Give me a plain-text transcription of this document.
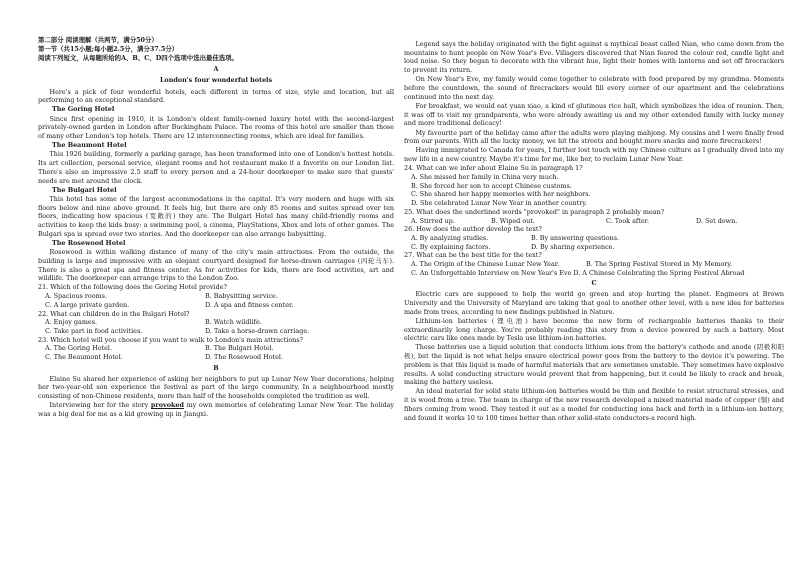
第二部分 阅读理解（共两节，满分50分）

第一节（共15小题;每小题2.5分，满分37.5分）

阅读下列短文，从每题所给的A、B、C、D四个选项中选出最佳选项。

A

London's four wonderful hotels

Here's a pick of four wonderful hotels, each different in terms of size, style and location, but all performing to an exceptional standard.

The Goring Hotel

Since first opening in 1910, it is London's oldest family-owned luxury hotel with the second-largest privately-owned garden in London after Buckingham Palace. The rooms of this hotel are smaller than those of many other London's top hotels. There are 12 interconnecting rooms, which are ideal for families.

The Beaumont Hotel

This 1926 building, formerly a parking garage, has been transformed into one of London's hottest hotels. Its art collection, personal service, elegant rooms and hot restaurant make it a favorite on our London list. There's also an impressive 2.5 staff to every person and a 24-hour doorkeeper to make sure that guests' needs are met around the clock.

The Bulgari Hotel

This hotel has some of the largest accommodations in the capital. It's very modern and huge with six floors below and nine above ground. It feels big, but there are only 85 rooms and suites spread over ten floors, indicating how spacious (宽敞的) they are. The Bulgari Hotel has many child-friendly rooms and activities to keep the kids busy: a swimming pool, a cinema, PlayStations, Xbox and lots of other games. The Bulgari spa is spread over two stories. And the doorkeeper can also arrange babysitting.

The Rosewood Hotel

Rosewood is within walking distance of many of the city's main attractions. From the outside, the building is large and impressive with an elegant courtyard designed for horse-drawn carriages (四轮马车). There is also a great spa and fitness center. As for activities for kids, there are food activities, art and wildlife. The doorkeeper can arrange trips to the London Zoo.

21. Which of the following does the Goring Hotel provide?

A. Spacious rooms.	B. Babysitting service.
C. A large private garden.	D. A spa and fitness center.

22. What can children do in the Bulgari Hotel?

A. Enjoy games.	B. Watch wildlife.
C. Take part in food activities.	D. Take a horse-drawn carriage.

23. Which hotel will you choose if you want to walk to London's main attractions?

A. The Goring Hotel.	B. The Bulgari Hotel.
C. The Beaumont Hotel.	D. The Rosewood Hotel.

B

Elaine Su shared her experience of asking her neighbors to put up Lunar New Year decorations, helping her two-year-old son experience the festival as part of the large community. In a neighbourhood mostly consisting of non-Chinese residents, more than half of the households completed the tradition as well.

Interviewing her for the story provoked my own memories of celebrating Lunar New Year. The holiday was a big deal for me as a kid growing up in Jiangxi.

Legend says the holiday originated with the fight against a mythical beast called Nian, who came down from the mountains to hunt people on New Year's Eve. Villagers discovered that Nian feared the colour red, candle light and loud noise. So they began to decorate with the vibrant hue, light their homes with lanterns and set off firecrackers to prevent its return.

On New Year's Eve, my family would come together to celebrate with food prepared by my grandma. Moments before the countdown, the sound of firecrackers would fill every corner of our apartment and the celebrations continued into the next day.

For breakfast, we would eat yuan xiao, a kind of glutinous rice ball, which symbolizes the idea of reunion. Then, it was off to visit my grandparents, who were already awaiting us and my other extended family with lucky money and more traditional delicacy!

My favourite part of the holiday came after the adults were playing mahjong. My cousins and I were finally freed from our parents. With all the lucky money, we hit the streets and bought more snacks and more firecrackers!

Having immigrated to Canada for years, I further lost touch with my Chinese culture as I gradually dived into my new life in a new country. Maybe it's time for me, like her, to reclaim Lunar New Year.

24. What can we infer about Elaine Su in paragraph 1?

A. She missed her family in China very much.

B. She forced her son to accept Chinese customs.

C. She shared her happy memories with her neighbors.

D. She celebrated Lunar New Year in another country.

25. What does the underlined words "provoked" in paragraph 2 probably mean?

A. Stirred up.	B. Wiped out.	C. Took after.	D. Set down.

26. How does the author develop the text?

A. By analyzing studies.	B. By answering questions.
C. By explaining factors.	D. By sharing experience.

27. What can be the best title for the text?

A. The Origin of the Chinese Lunar New Year.	B. The Spring Festival Stored in My Memory.

C. An Unforgettable Interview on New Year's Eve D. A Chinese Celebrating the Spring Festival Abroad

C

Electric cars are supposed to help the world go green and stop hurting the planet. Engineers at Brown University and the University of Maryland are taking that goal to another other level, with a new idea for batteries made from trees, according to new findings published in Nature.

Lithium-ion batteries (锂电池) have become the new form of rechargeable batteries thanks to their extraordinarily long charge. You're probably reading this story from a device powered by such a battery. Most electric cars like ones made by Tesla use lithium-ion batteries.

These batteries use a liquid solution that conducts lithium ions from the battery's cathode and anode (阴极和阳极), but the liquid is not what helps ensure electrical power goes from the battery to the device it's powering. The problem is that this liquid is made of harmful materials that are sometimes unstable. They sometimes have explosive results. A solid conducting structure would prevent that from happening, but it could be likely to crack and break, making the battery useless.

An ideal material for solid state lithium-ion batteries would be thin and flexible to resist structural stresses, and it is wood from a tree. The team in charge of the new research developed a mixed material made of copper (铜) and fibers coming from wood. They tested it out as a model for conducting ions back and forth in a lithium-ion battery, and found it works 10 to 100 times better than other solid-state conductors-a record high.
